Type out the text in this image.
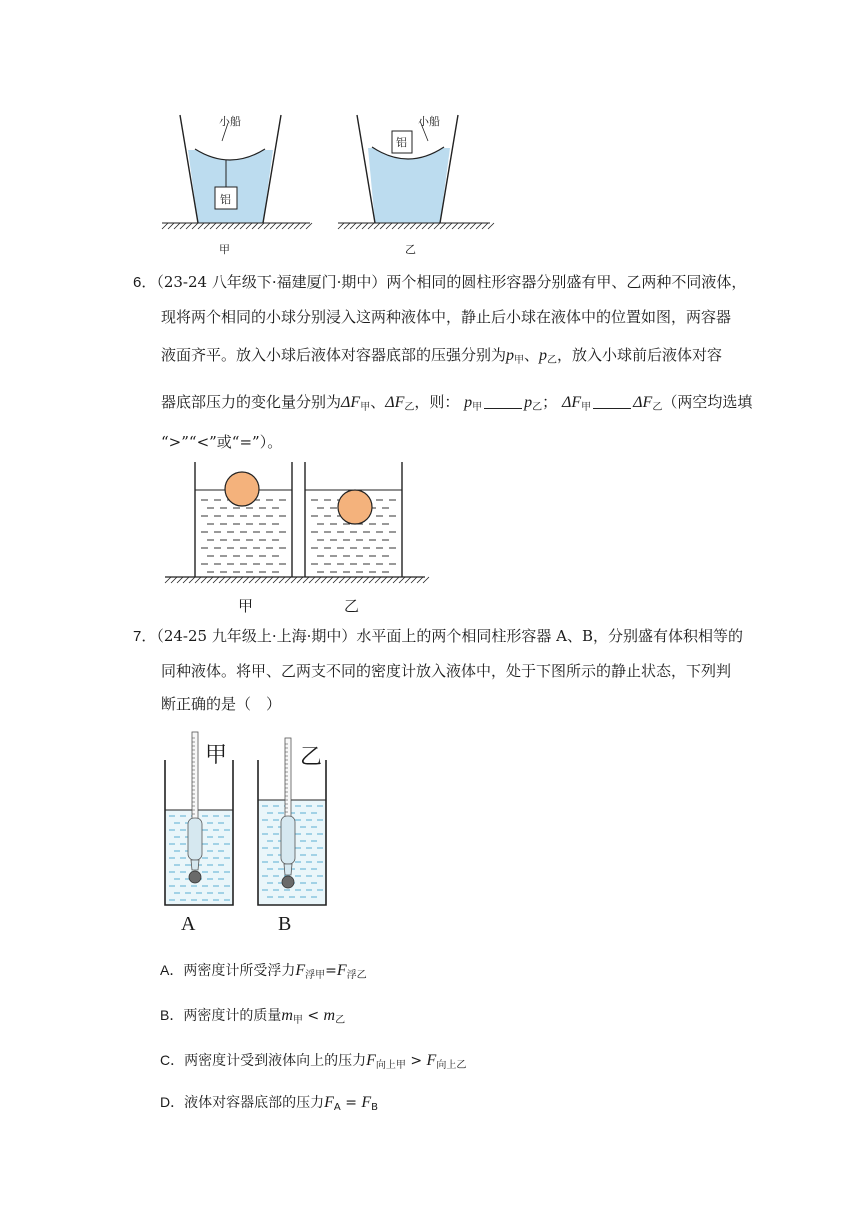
小船
铝
小船
铝
甲	乙
6．（23-24 八年级下·福建厦门·期中）两个相同的圆柱形容器分别盛有甲、乙两种不同液体，
现将两个相同的小球分别浸入这两种液体中，静止后小球在液体中的位置如图，两容器
液面齐平。放入小球后液体对容器底部的压强分别为$p_甲$、$p_乙$，放入小球前后液体对容
器底部压力的变化量分别为$\Delta F_甲$、$\Delta F_乙$，则： $p_甲$	$p_乙$； $\Delta F_甲$	$\Delta F_乙$（两空均选填
“>”“<”或“=”）。
甲	乙
7．（24-25 九年级上·上海·期中）水平面上的两个相同柱形容器 A、B，分别盛有体积相等的
同种液体。将甲、乙两支不同的密度计放入液体中，处于下图所示的静止状态，下列判
断正确的是（　）
甲	乙
A	B
A．两密度计所受浮力$F_{浮甲}=F_{浮乙}$
B．两密度计的质量$m_甲 < m_乙$
C．两密度计受到液体向上的压力$F_{向上甲} > F_{向上乙}$
D．液体对容器底部的压力$F_A = F_B$
